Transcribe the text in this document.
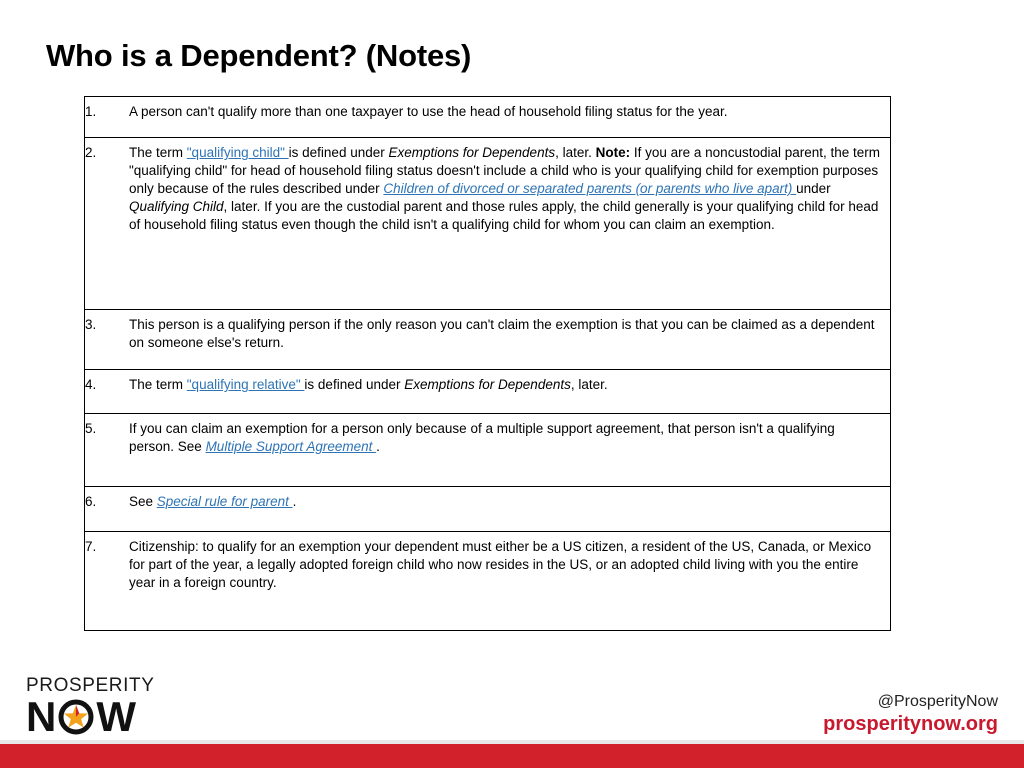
Who is a Dependent? (Notes)
1.	A person can't qualify more than one taxpayer to use the head of household filing status for the year.
2.	The term "qualifying child" is defined under Exemptions for Dependents, later. Note: If you are a noncustodial parent, the term "qualifying child" for head of household filing status doesn't include a child who is your qualifying child for exemption purposes only because of the rules described under Children of divorced or separated parents (or parents who live apart) under Qualifying Child, later. If you are the custodial parent and those rules apply, the child generally is your qualifying child for head of household filing status even though the child isn't a qualifying child for whom you can claim an exemption.
3.	This person is a qualifying person if the only reason you can't claim the exemption is that you can be claimed as a dependent on someone else's return.
4.	The term "qualifying relative" is defined under Exemptions for Dependents, later.
5.	If you can claim an exemption for a person only because of a multiple support agreement, that person isn't a qualifying person. See Multiple Support Agreement .
6.	See Special rule for parent .
7.	Citizenship: to qualify for an exemption your dependent must either be a US citizen, a resident of the US, Canada, or Mexico for part of the year, a legally adopted foreign child who now resides in the US, or an adopted child living with you the entire year in a foreign country.
PROSPERITY
N W	@ProsperityNow
prosperitynow.org
